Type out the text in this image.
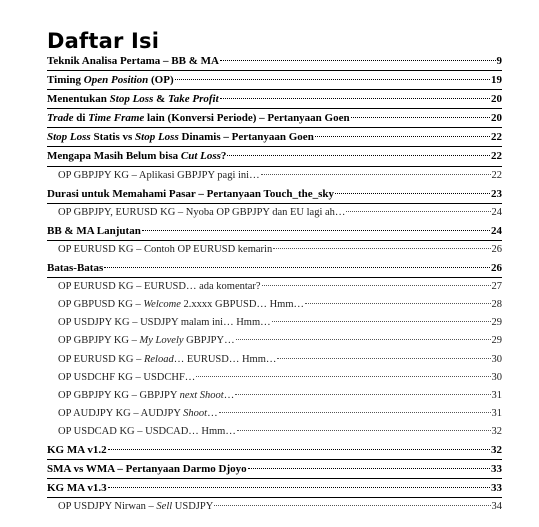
Daftar Isi
Teknik Analisa Pertama – BB & MA	9
Timing Open Position (OP)	19
Menentukan Stop Loss & Take Profit	20
Trade di Time Frame lain (Konversi Periode) – Pertanyaan Goen	20
Stop Loss Statis vs Stop Loss Dinamis – Pertanyaan Goen	22
Mengapa Masih Belum bisa Cut Loss?	22
OP GBPJPY KG – Aplikasi GBPJPY pagi ini…	22
Durasi untuk Memahami Pasar – Pertanyaan Touch_the_sky	23
OP GBPJPY, EURUSD KG – Nyoba OP GBPJPY dan EU lagi ah…	24
BB & MA Lanjutan	24
OP EURUSD KG – Contoh OP EURUSD kemarin	26
Batas-Batas	26
OP EURUSD KG – EURUSD… ada komentar?	27
OP GBPUSD KG – Welcome 2.xxxx GBPUSD… Hmm…	28
OP USDJPY KG – USDJPY malam ini… Hmm…	29
OP GBPJPY KG – My Lovely GBPJPY…	29
OP EURUSD KG – Reload… EURUSD… Hmm…	30
OP USDCHF KG – USDCHF…	30
OP GBPJPY KG – GBPJPY next Shoot…	31
OP AUDJPY KG – AUDJPY Shoot…	31
OP USDCAD KG – USDCAD… Hmm…	32
KG MA v1.2	32
SMA vs WMA – Pertanyaan Darmo Djoyo	33
KG MA v1.3	33
OP USDJPY Nirwan – Sell USDJPY	34
